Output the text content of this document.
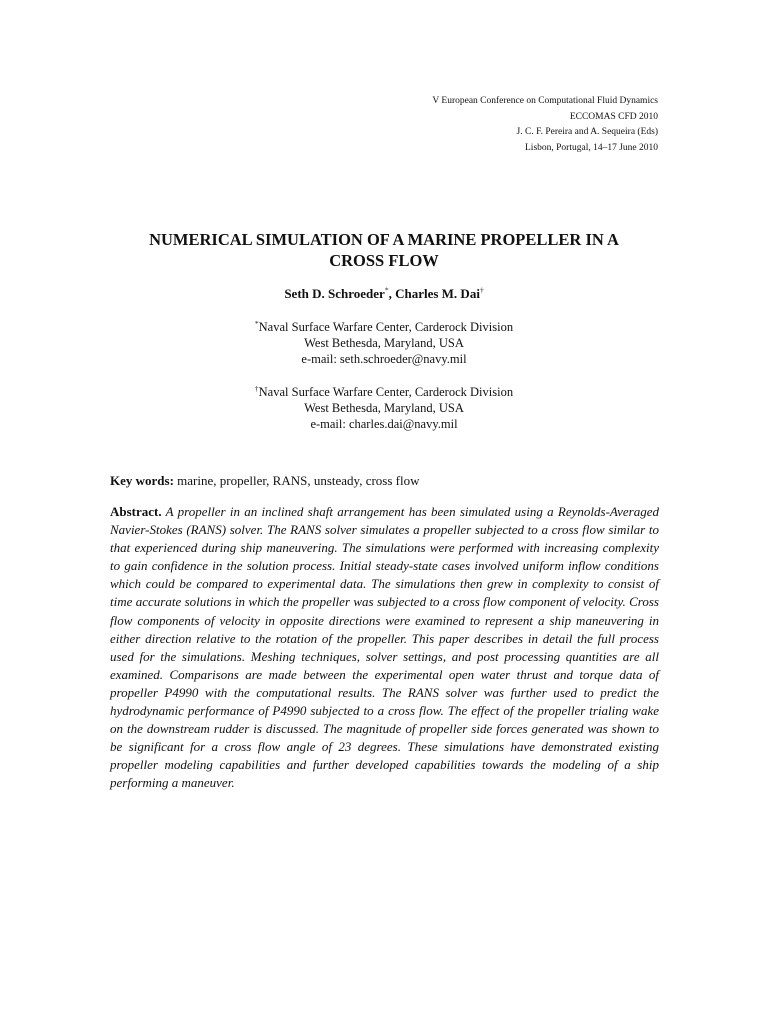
V European Conference on Computational Fluid Dynamics
ECCOMAS CFD 2010
J. C. F. Pereira and A. Sequeira (Eds)
Lisbon, Portugal, 14–17 June 2010
NUMERICAL SIMULATION OF A MARINE PROPELLER IN A
CROSS FLOW
Seth D. Schroeder*, Charles M. Dai†
*Naval Surface Warfare Center, Carderock Division
West Bethesda, Maryland, USA
e-mail: seth.schroeder@navy.mil
†Naval Surface Warfare Center, Carderock Division
West Bethesda, Maryland, USA
e-mail: charles.dai@navy.mil
Key words: marine, propeller, RANS, unsteady, cross flow
Abstract. A propeller in an inclined shaft arrangement has been simulated using a Reynolds-Averaged Navier-Stokes (RANS) solver. The RANS solver simulates a propeller subjected to a cross flow similar to that experienced during ship maneuvering. The simulations were performed with increasing complexity to gain confidence in the solution process. Initial steady-state cases involved uniform inflow conditions which could be compared to experimental data. The simulations then grew in complexity to consist of time accurate solutions in which the propeller was subjected to a cross flow component of velocity. Cross flow components of velocity in opposite directions were examined to represent a ship maneuvering in either direction relative to the rotation of the propeller. This paper describes in detail the full process used for the simulations. Meshing techniques, solver settings, and post processing quantities are all examined. Comparisons are made between the experimental open water thrust and torque data of propeller P4990 with the computational results. The RANS solver was further used to predict the hydrodynamic performance of P4990 subjected to a cross flow. The effect of the propeller trialing wake on the downstream rudder is discussed. The magnitude of propeller side forces generated was shown to be significant for a cross flow angle of 23 degrees. These simulations have demonstrated existing propeller modeling capabilities and further developed capabilities towards the modeling of a ship performing a maneuver.
